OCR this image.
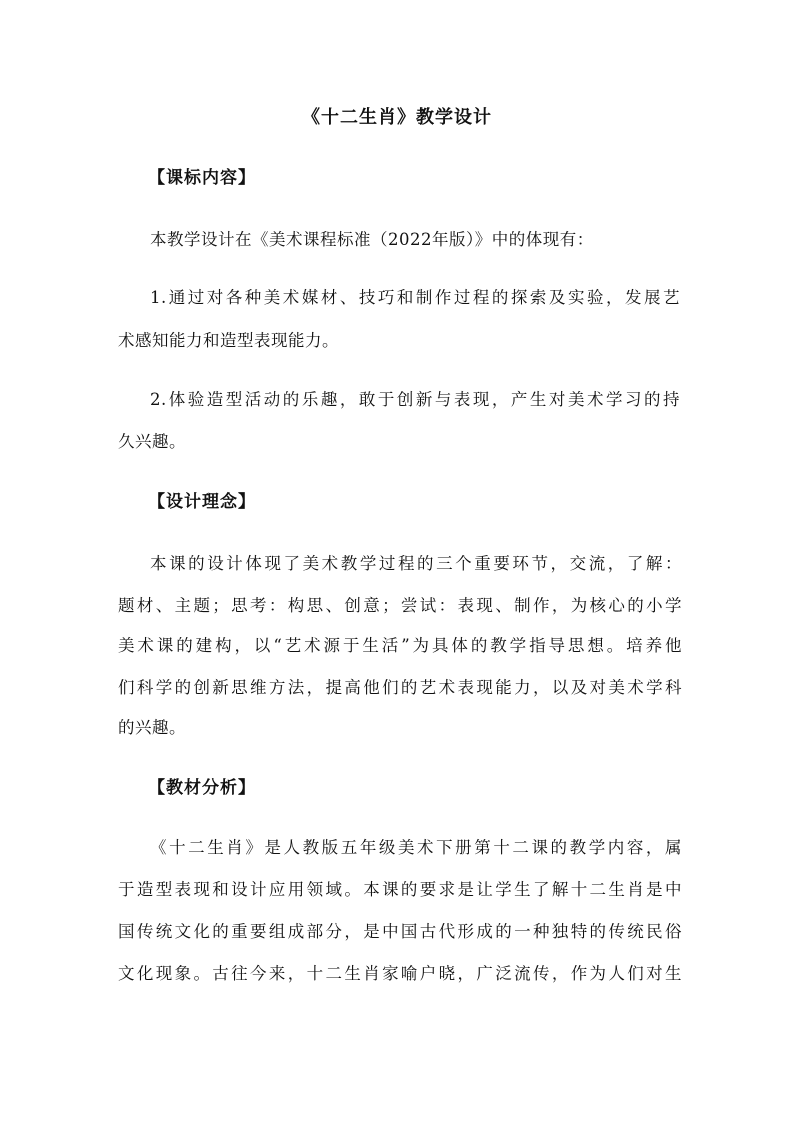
《十二生肖》教学设计
【课标内容】
本教学设计在《美术课程标准（2022年版）》中的体现有：
1.通过对各种美术媒材、技巧和制作过程的探索及实验，发展艺
术感知能力和造型表现能力。
2.体验造型活动的乐趣，敢于创新与表现，产生对美术学习的持
久兴趣。
【设计理念】
本课的设计体现了美术教学过程的三个重要环节，交流，了解：
题材、主题；思考：构思、创意；尝试：表现、制作，为核心的小学
美术课的建构，以“艺术源于生活”为具体的教学指导思想。培养他
们科学的创新思维方法，提高他们的艺术表现能力，以及对美术学科
的兴趣。
【教材分析】
《十二生肖》是人教版五年级美术下册第十二课的教学内容，属
于造型表现和设计应用领域。本课的要求是让学生了解十二生肖是中
国传统文化的重要组成部分，是中国古代形成的一种独特的传统民俗
文化现象。古往今来，十二生肖家喻户晓，广泛流传，作为人们对生
